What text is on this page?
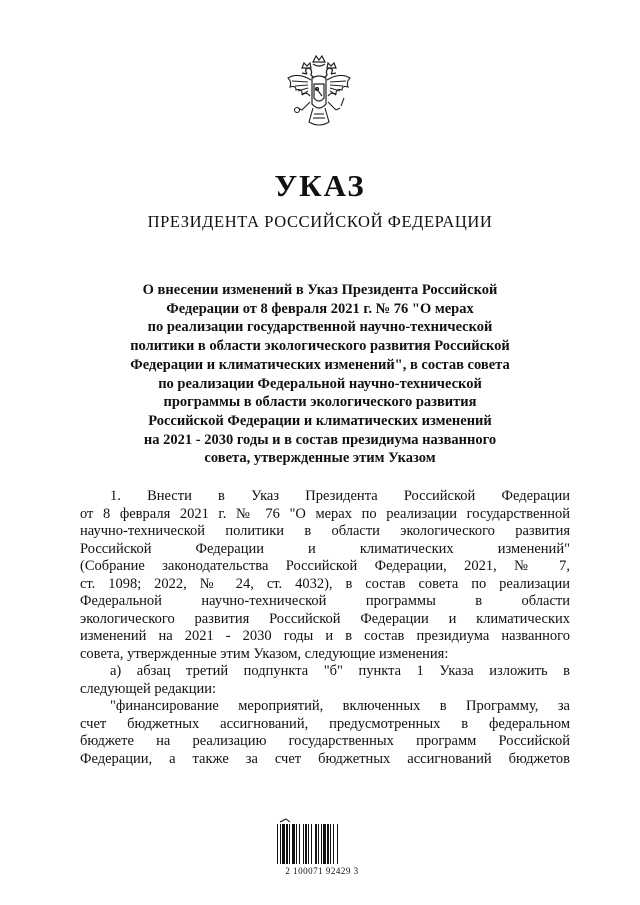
УКАЗ
ПРЕЗИДЕНТА РОССИЙСКОЙ ФЕДЕРАЦИИ
О внесении изменений в Указ Президента Российской
Федерации от 8 февраля 2021 г. № 76 "О мерах
по реализации государственной научно-технической
политики в области экологического развития Российской
Федерации и климатических изменений", в состав совета
по реализации Федеральной научно-технической
программы в области экологического развития
Российской Федерации и климатических изменений
на 2021 - 2030 годы и в состав президиума названного
совета, утвержденные этим Указом
1. Внести в Указ Президента Российской Федерации
от 8 февраля 2021 г. № 76 "О мерах по реализации государственной
научно-технической политики в области экологического развития
Российской Федерации и климатических изменений"
(Собрание законодательства Российской Федерации, 2021, № 7,
ст. 1098; 2022, № 24, ст. 4032), в состав совета по реализации
Федеральной научно-технической программы в области
экологического развития Российской Федерации и климатических
изменений на 2021 - 2030 годы и в состав президиума названного
совета, утвержденные этим Указом, следующие изменения:
а) абзац третий подпункта "б" пункта 1 Указа изложить в
следующей редакции:
"финансирование мероприятий, включенных в Программу, за
счет бюджетных ассигнований, предусмотренных в федеральном
бюджете на реализацию государственных программ Российской
Федерации, а также за счет бюджетных ассигнований бюджетов
2 100071 92429 3
